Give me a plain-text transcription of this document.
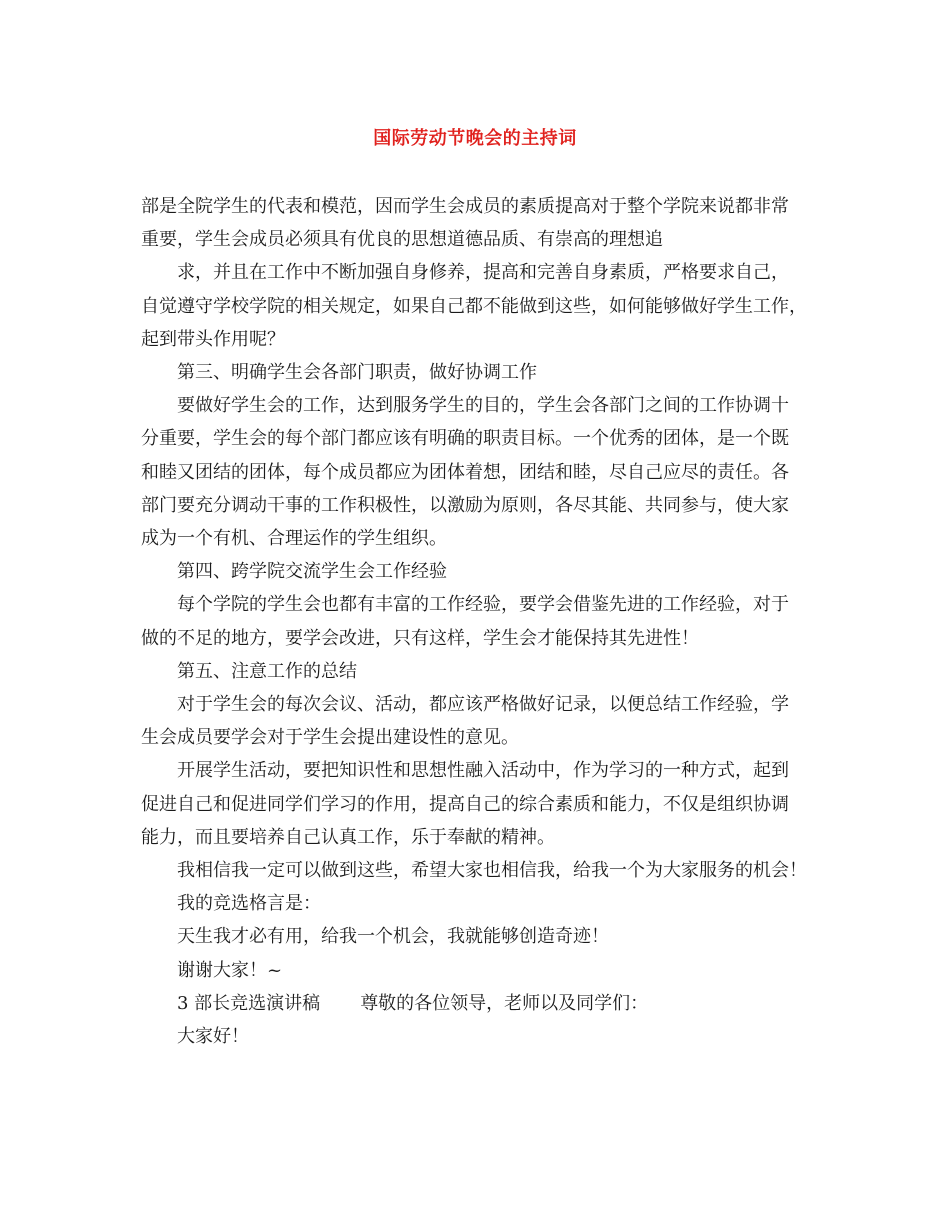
国际劳动节晚会的主持词
部是全院学生的代表和模范，因而学生会成员的素质提高对于整个学院来说都非常
重要，学生会成员必须具有优良的思想道德品质、有崇高的理想追
求，并且在工作中不断加强自身修养，提高和完善自身素质，严格要求自己，
自觉遵守学校学院的相关规定，如果自己都不能做到这些，如何能够做好学生工作，
起到带头作用呢？
第三、明确学生会各部门职责，做好协调工作
要做好学生会的工作，达到服务学生的目的，学生会各部门之间的工作协调十
分重要，学生会的每个部门都应该有明确的职责目标。一个优秀的团体，是一个既
和睦又团结的团体，每个成员都应为团体着想，团结和睦，尽自己应尽的责任。各
部门要充分调动干事的工作积极性，以激励为原则，各尽其能、共同参与，使大家
成为一个有机、合理运作的学生组织。
第四、跨学院交流学生会工作经验
每个学院的学生会也都有丰富的工作经验，要学会借鉴先进的工作经验，对于
做的不足的地方，要学会改进，只有这样，学生会才能保持其先进性！
第五、注意工作的总结
对于学生会的每次会议、活动，都应该严格做好记录，以便总结工作经验，学
生会成员要学会对于学生会提出建设性的意见。
开展学生活动，要把知识性和思想性融入活动中，作为学习的一种方式，起到
促进自己和促进同学们学习的作用，提高自己的综合素质和能力，不仅是组织协调
能力，而且要培养自己认真工作，乐于奉献的精神。
我相信我一定可以做到这些，希望大家也相信我，给我一个为大家服务的机会！
我的竞选格言是：
天生我才必有用，给我一个机会，我就能够创造奇迹！
谢谢大家！~
3 部长竞选演讲稿 尊敬的各位领导，老师以及同学们：
大家好！
